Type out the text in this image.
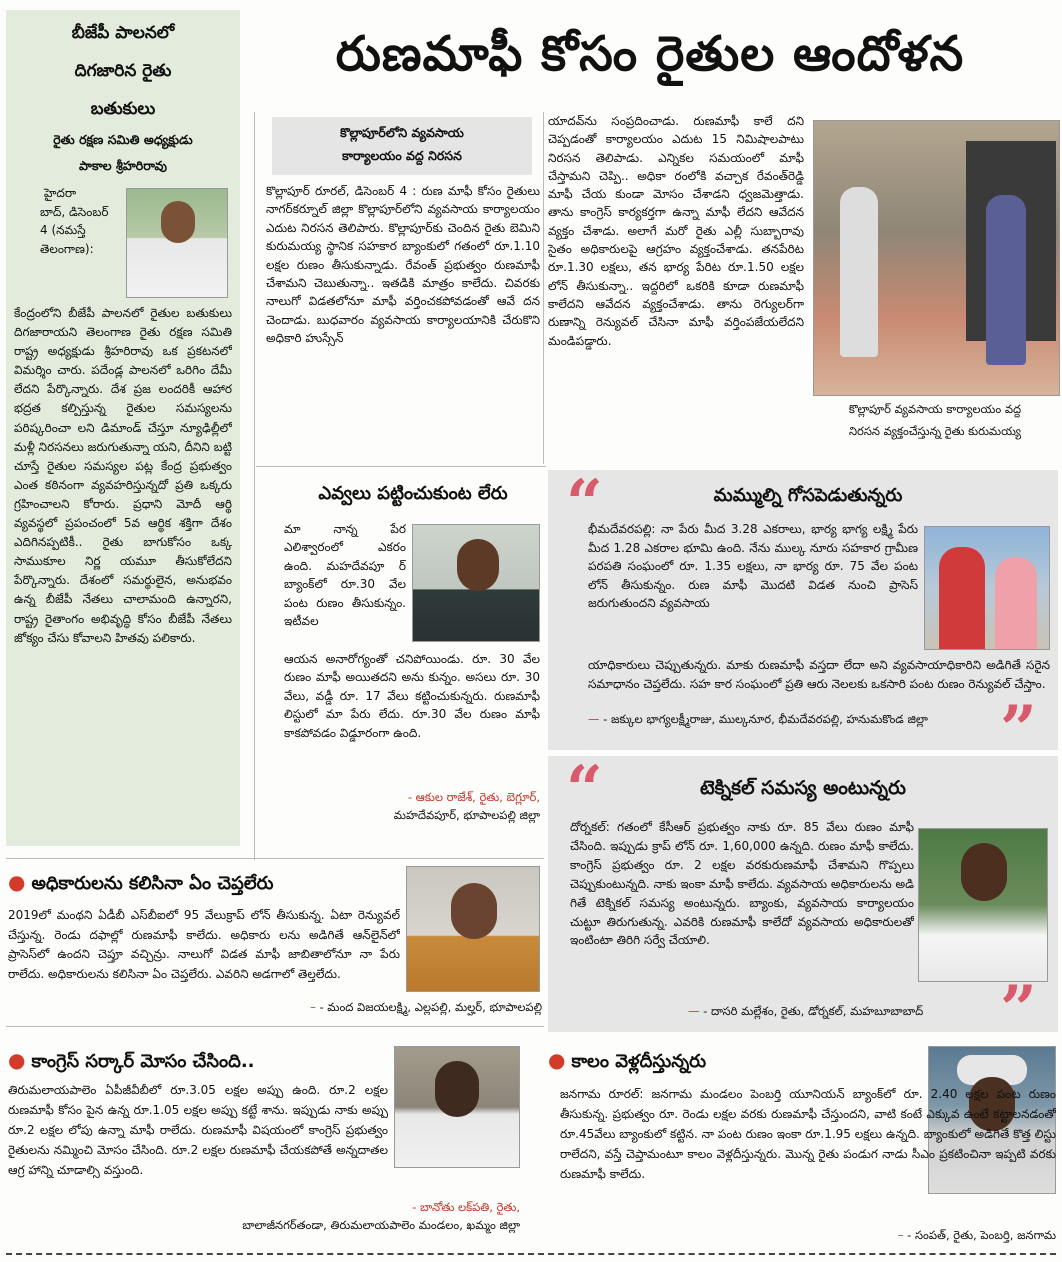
రుణమాఫీ కోసం రైతుల ఆందోళన
బీజేపీ పాలనలో
దిగజారిన రైతు
బతుకులు
రైతు రక్షణ సమితి అధ్యక్షుడు
పాకాల శ్రీహరిరావు
హైదరా
బాద్, డిసెంబర్
4 (నమస్తే
తెలంగాణ):
కేంద్రంలోని బీజేపీ పాలనలో రైతుల బతుకులు దిగజారాయని తెలంగాణ రైతు రక్షణ సమితి రాష్ట్ర అధ్యక్షుడు శ్రీహరిరావు ఒక ప్రకటనలో విమర్శిం చారు. పదేండ్ల పాలనలో ఒరిగిం దేమీ లేదని పేర్కొన్నారు. దేశ ప్రజ లందరికీ ఆహార భద్రత కల్పిస్తున్న రైతుల సమస్యలను పరిష్కరించా లని డిమాండ్ చేస్తూ న్యూఢిల్లీలో మళ్లీ నిరసనలు జరుగుతున్నా యని, దీనిని బట్టి చూస్తే రైతుల సమస్యల పట్ల కేంద్ర ప్రభుత్వం ఎంత కఠినంగా వ్యవహరిస్తున్నదో ప్రతి ఒక్కరు గ్రహించాలని కోరారు. ప్రధాని మోదీ ఆర్థి వ్యవస్థలో ప్రపంచంలో 5వ ఆర్థిక శక్తిగా దేశం ఎదిగినప్పటికీ.. రైతు బాగుకోసం ఒక్క సాముకూల నిర్ణ యమూ తీసుకోలేదని పేర్కొన్నారు. దేశంలో సమర్థులైన, అనుభవం ఉన్న బీజేపీ నేతలు చాలామంది ఉన్నారని, రాష్ట్ర రైతాంగం అభివృద్ధి కోసం బీజేపీ నేతలు జోక్యం చేసు కోవాలని హితవు పలికారు.
కొల్లాపూర్‌లోని వ్యవసాయ
కార్యాలయం వద్ద నిరసన
కొల్లాపూర్ రూరల్, డిసెంబర్ 4 : రుణ మాఫీ కోసం రైతులు నాగర్‌కర్నూల్ జిల్లా కొల్లాపూర్‌లోని వ్యవసాయ కార్యాలయం ఎదుట నిరసన తెలిపారు. కొల్లాపూర్‌కు చెందిన రైతు బెమిని కురుమయ్య స్థానిక సహకార బ్యాంకులో గతంలో రూ.1.10 లక్షల రుణం తీసుకున్నాడు. రేవంత్ ప్రభుత్వం రుణమాఫీ చేశామని చెబుతున్నా.. ఇతడికి మాత్రం కాలేదు. చివరకు నాలుగో విడతలోనూ మాఫీ వర్తించకపోవడంతో ఆవే దన చెందాడు. బుధవారం వ్యవసాయ కార్యాలయానికి చేరుకొని అధికారి హుస్సేన్
యాదవ్‌ను సంప్రదించాడు. రుణమాఫీ కాలే దని చెప్పడంతో కార్యాలయం ఎదుట 15 నిమిషాలపాటు నిరసన తెలిపాడు. ఎన్నికల సమయంలో మాఫీ చేస్తామని చెప్పి.. అధికా రంలోకి వచ్చాక రేవంత్‌రెడ్డి మాఫీ చేయ కుండా మోసం చేశాడని ధ్వజమెత్తాడు. తాను కాంగ్రెస్ కార్యకర్తగా ఉన్నా మాఫీ లేదని ఆవేదన వ్యక్తం చేశాడు. అలాగే మరో రైతు ఎల్లీ సుబ్బారావు సైతం అధికారులపై ఆగ్రహం వ్యక్తంచేశాడు. తనపేరిట రూ.1.30 లక్షలు, తన భార్య పేరిట రూ.1.50 లక్షల లోన్ తీసుకున్నా.. ఇద్దరిలో ఒకరికి కూడా రుణమాఫీ కాలేదని ఆవేదన వ్యక్తంచేశాడు. తాను రెగ్యులర్‌గా రుణాన్ని రెన్యువల్ చేసినా మాఫీ వర్తింపజేయలేదని మండిపడ్డారు.
కొల్లాపూర్ వ్యవసాయ కార్యాలయం వద్ద
నిరసన వ్యక్తంచేస్తున్న రైతు కురుమయ్య
ఎవ్వలు పట్టించుకుంట లేరు
మా నాన్న పేర ఎలిశ్వారంలో ఎకరం ఉంది. మహదేవపూ ర్ బ్యాంక్‌లో రూ.30 వేల పంట రుణం తీసుకున్నం. ఇటీవల
ఆయన అనారోగ్యంతో చనిపోయిండు. రూ. 30 వేల రుణం మాఫీ అయితదని అను కున్నం. అసలు రూ. 30 వేలు, వడ్డీ రూ. 17 వేలు కట్టించుకున్నరు. రుణమాఫీ లిస్టులో మా పేరు లేదు. రూ.30 వేల రుణం మాఫీ కాకపోవడం విడ్డూరంగా ఉంది.
- ఆకుల రాజేశ్, రైతు, బెగ్లూర్,
మహదేవపూర్, భూపాలపల్లి జిల్లా
“	మమ్ముల్ని గోసపెడుతున్నరు
భీమదేవరపల్లి: నా పేరు మీద 3.28 ఎకరాలు, భార్య భాగ్య లక్ష్మి పేరు మీద 1.28 ఎకరాల భూమి ఉంది. నేను ముల్క నూరు సహకార గ్రామీణ పరపతి సంఘంలో రూ. 1.35 లక్షలు, నా భార్య రూ. 75 వేల పంట లోన్ తీసుకున్నం. రుణ మాఫీ మొదటి విడత నుంచి ప్రాసెస్ జరుగుతుందని వ్యవసాయ
యాధికారులు చెప్పుతున్నరు. మాకు రుణమాఫీ వస్తదా లేదా అని వ్యవసాయాధికారిని అడిగితే సరైన సమాధానం చెప్తలేదు. సహ కార సంఘంలో ప్రతి ఆరు నెలలకు ఒకసారి పంట రుణం రెన్యువల్ చేస్తాం.
— - జక్కుల భాగ్యలక్ష్మీరాజు, ముల్కనూర, భీమదేవరపల్లి, హనుమకొండ జిల్లా	”
“	టెక్నికల్ సమస్య అంటున్నరు
దోర్నకల్: గతంలో కేసీఆర్ ప్రభుత్వం నాకు రూ. 85 వేలు రుణం మాఫీ చేసింది. ఇప్పుడు క్రాప్ లోన్ రూ. 1,60,000 ఉన్నది. రుణం మాఫీ కాలేదు. కాంగ్రెస్ ప్రభుత్వం రూ. 2 లక్షల వరకురుణమాఫీ చేశామని గొప్పలు చెప్పుకుంటున్నది. నాకు ఇంకా మాఫీ కాలేదు. వ్యవసాయ అధికారులను అడి గితే టెక్నికల్ సమస్య అంటున్నరు. బ్యాంకు, వ్యవసాయ కార్యాలయం చుట్టూ తిరుగుతున్న. ఎవరికి రుణమాఫీ కాలేదో వ్యవసాయ అధికారులతో ఇంటింటా తిరిగి సర్వే చేయాలి.
— - దాసరి మల్లేశం, రైతు, డోర్నకల్, మహబూబాబాద్	”
● అధికారులను కలిసినా ఏం చెప్తలేరు
2019లో మంథని ఏడీబీ ఎస్‌బీఐలో 95 వేలుక్రాప్ లోన్ తీసుకున్న. ఏటా రెన్యువల్ చేస్తున్న. రెండు దఫాల్లో రుణమాఫీ కాలేదు. అధికారు లను అడిగితే ఆన్‌లైన్‌లో ప్రాసెస్‌లో ఉందని చెప్తూ వచ్చిన్రు. నాలుగో విడత మాఫీ జాబితాలోనూ నా పేరు రాలేదు. అధికారులను కలిసినా ఏం చెప్తలేరు. ఎవరిని అడగాలో తెల్తలేదు.
– - మంద విజయలక్ష్మి, ఎల్లపల్లి, మల్హర్, భూపాలపల్లి
● కాంగ్రెస్ సర్కార్ మోసం చేసింది..
తిరుమలాయపాలెం ఏపీజీవీబీలో రూ.3.05 లక్షల అప్పు ఉంది. రూ.2 లక్షల రుణమాఫీ కోసం పైన ఉన్న రూ.1.05 లక్షల అప్పు కట్టే శాను. ఇప్పుడు నాకు అప్పు రూ.2 లక్షల లోపు ఉన్నా మాఫీ రాలేదు. రుణమాఫీ విషయంలో కాంగ్రెస్ ప్రభుత్వం రైతులను నమ్మించి మోసం చేసింది. రూ.2 లక్షల రుణమాఫీ చేయకపోతే అన్నదాతల ఆగ్ర హాన్ని చూడాల్సి వస్తుంది.
- బానోతు లక్‌పతి, రైతు,
బాలాజీనగర్‌తండా, తిరుమలాయపాలెం మండలం, ఖమ్మం జిల్లా
● కాలం వెళ్లదీస్తున్నరు
జనగామ రూరల్: జనగామ మండలం పెంబర్తి యూనియన్ బ్యాంక్‌లో రూ. 2.40 లక్షల పంట రుణం తీసుకున్న. ప్రభుత్వం రూ. రెండు లక్షల వరకు రుణమాఫీ చేస్తుందని, వాటి కంటే ఎక్కువ ఉంటే కట్టాలనడంతో రూ.45వేలు బ్యాంకులో కట్టిన. నా పంట రుణం ఇంకా రూ.1.95 లక్షలు ఉన్నది. బ్యాంకులో అడిగితే కొత్త లిస్టు రాలేదని, వస్తే చెప్తామంటూ కాలం వెళ్లదీస్తున్నరు. మొన్న రైతు పండుగ నాడు సీఎం ప్రకటించినా ఇప్పటి వరకు రుణమాఫీ కాలేదు.
– - సంపత్, రైతు, పెంబర్తి, జనగామ
